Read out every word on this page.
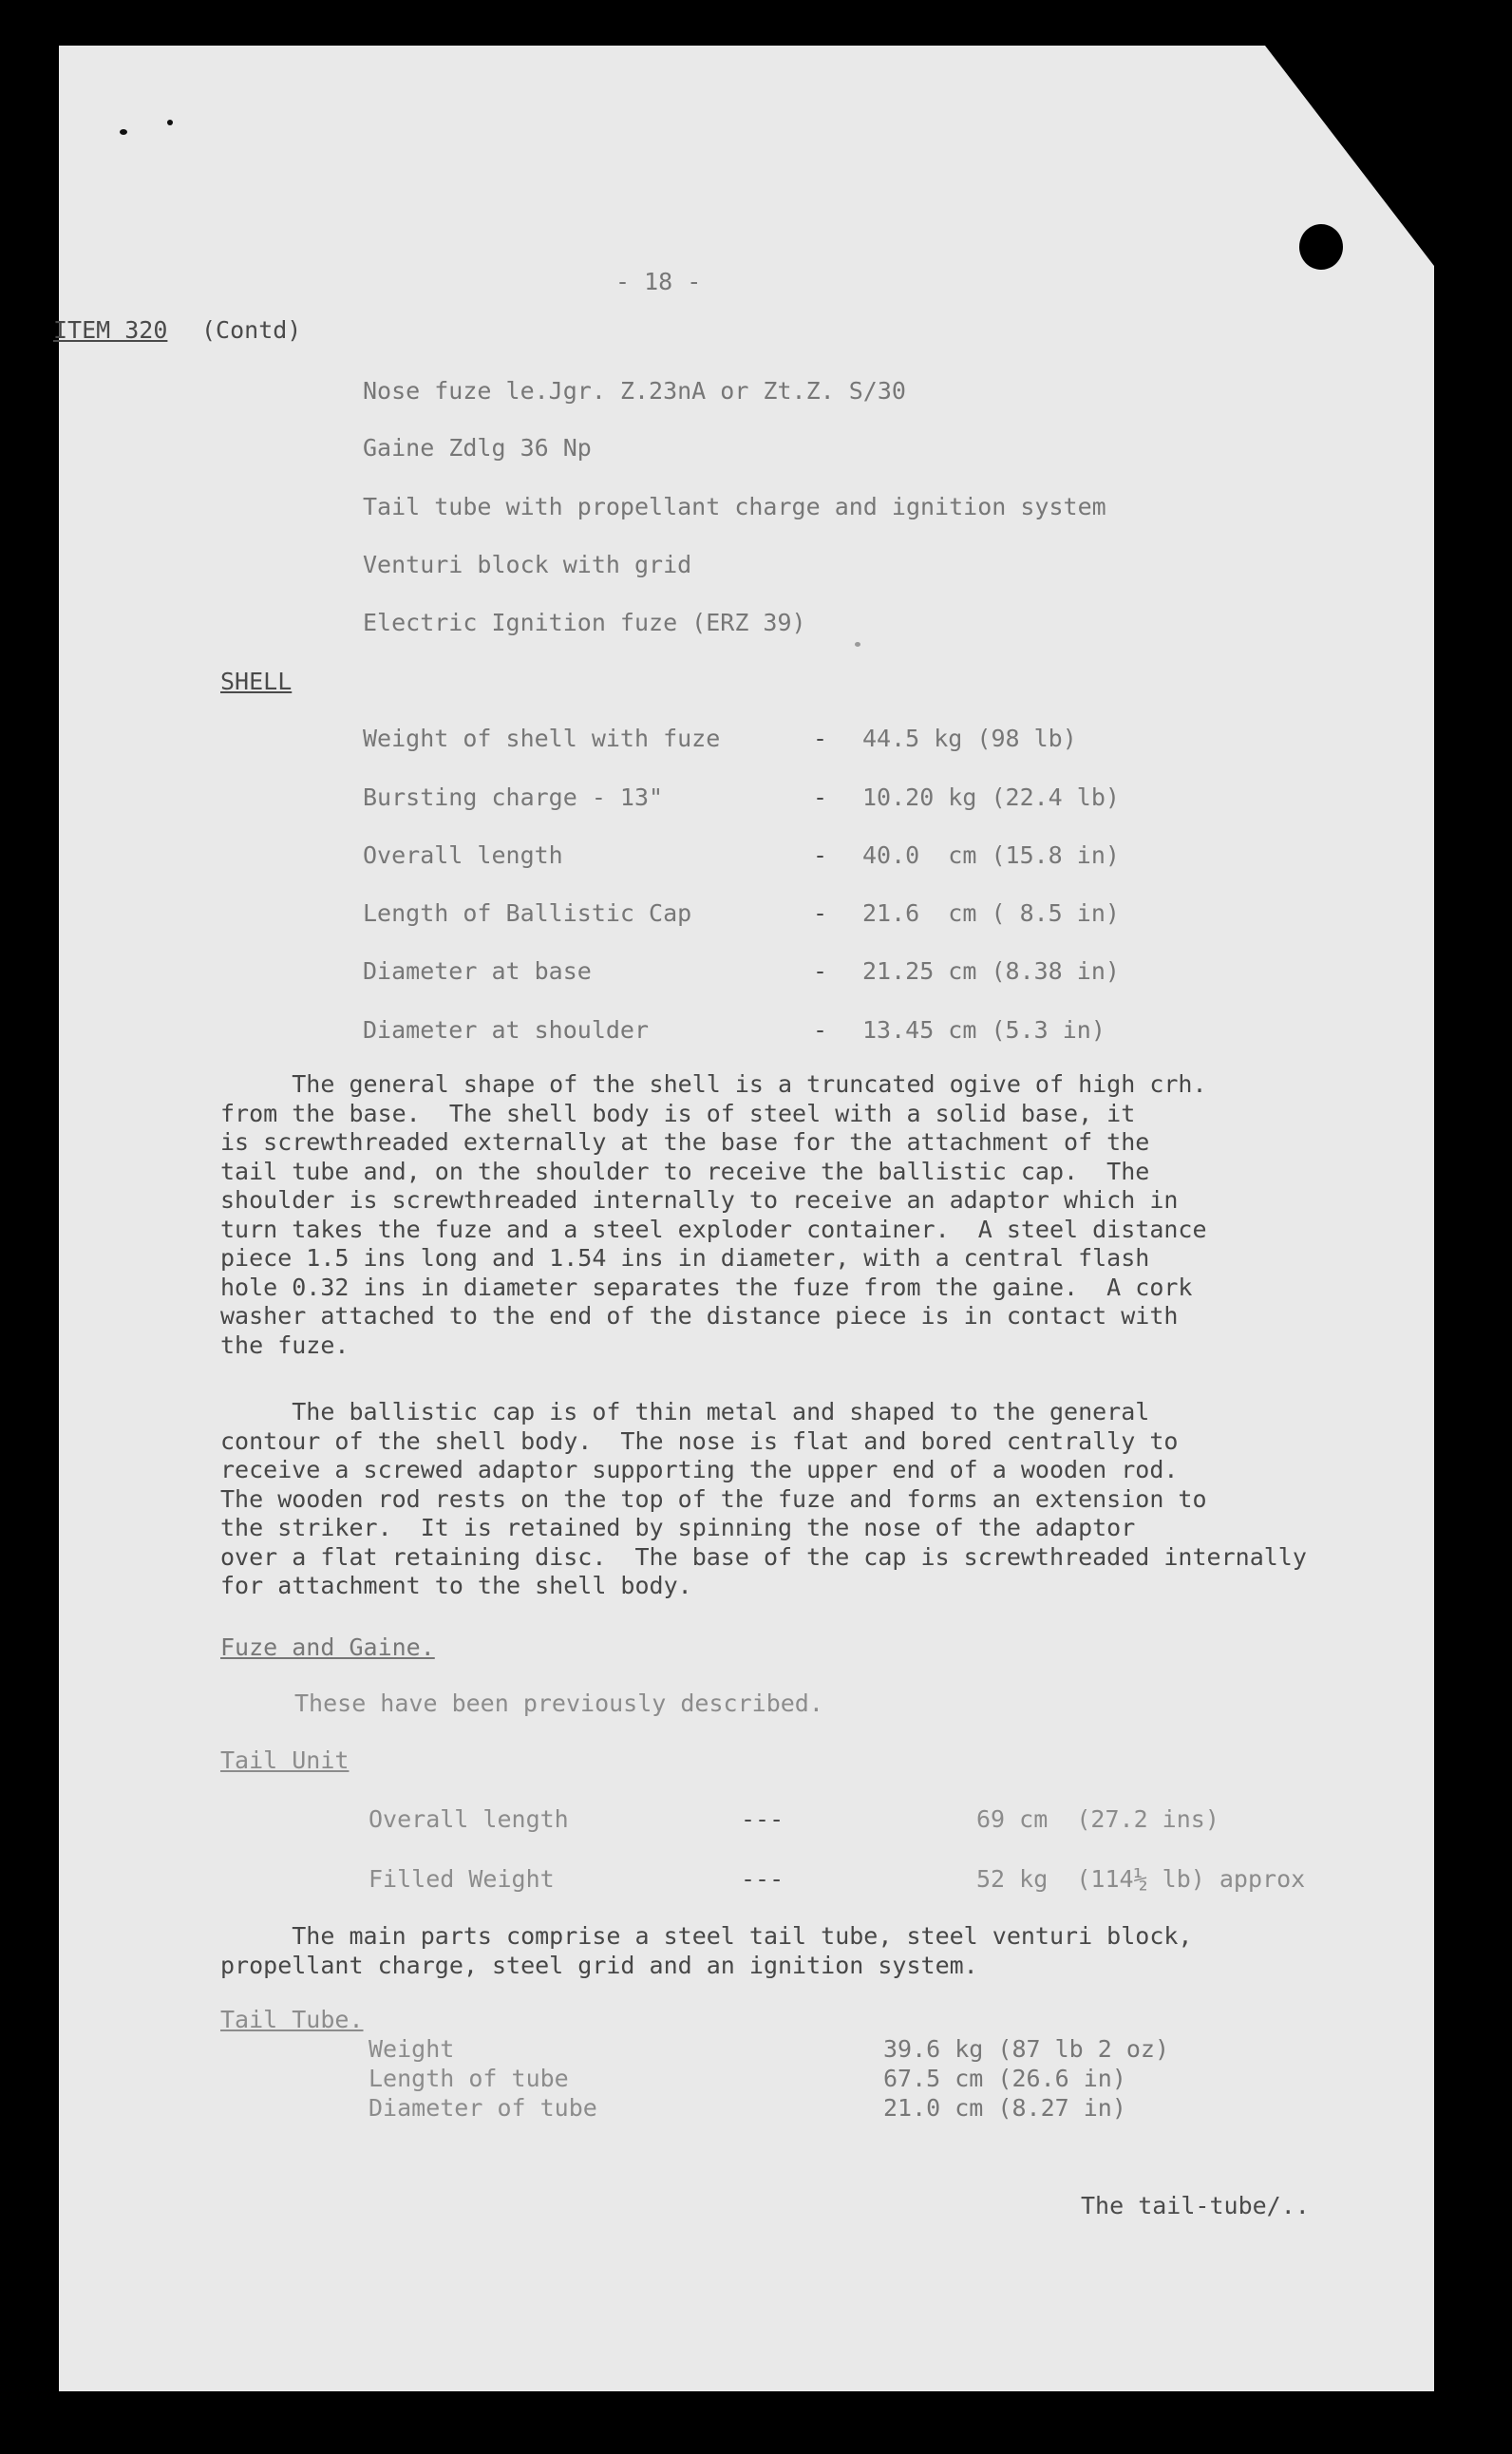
- 18 -

ITEM 320 (Contd)

Nose fuze le.Jgr. Z.23nA or Zt.Z. S/30

Gaine Zdlg 36 Np

Tail tube with propellant charge and ignition system

Venturi block with grid

Electric Ignition fuze (ERZ 39)

SHELL

Weight of shell with fuze	- 44.5 kg (98 lb)

Bursting charge - 13"	- 10.20 kg (22.4 lb)

Overall length	- 40.0  cm (15.8 in)

Length of Ballistic Cap	- 21.6  cm ( 8.5 in)

Diameter at base	- 21.25 cm (8.38 in)

Diameter at shoulder	- 13.45 cm (5.3 in)

The general shape of the shell is a truncated ogive of high crh.
from the base.  The shell body is of steel with a solid base, it
is screwthreaded externally at the base for the attachment of the
tail tube and, on the shoulder to receive the ballistic cap.  The
shoulder is screwthreaded internally to receive an adaptor which in
turn takes the fuze and a steel exploder container.  A steel distance
piece 1.5 ins long and 1.54 ins in diameter, with a central flash
hole 0.32 ins in diameter separates the fuze from the gaine.  A cork
washer attached to the end of the distance piece is in contact with
the fuze.

The ballistic cap is of thin metal and shaped to the general
contour of the shell body.  The nose is flat and bored centrally to
receive a screwed adaptor supporting the upper end of a wooden rod.
The wooden rod rests on the top of the fuze and forms an extension to
the striker.  It is retained by spinning the nose of the adaptor
over a flat retaining disc.  The base of the cap is screwthreaded internally
for attachment to the shell body.

Fuze and Gaine.

These have been previously described.

Tail Unit

Overall length	---	69 cm  (27.2 ins)

Filled Weight	---	52 kg  (114½ lb) approx

The main parts comprise a steel tail tube, steel venturi block,
propellant charge, steel grid and an ignition system.

Tail Tube.

Weight	39.6 kg (87 lb 2 oz)

Length of tube	67.5 cm (26.6 in)

Diameter of tube	21.0 cm (8.27 in)

The tail-tube/..
